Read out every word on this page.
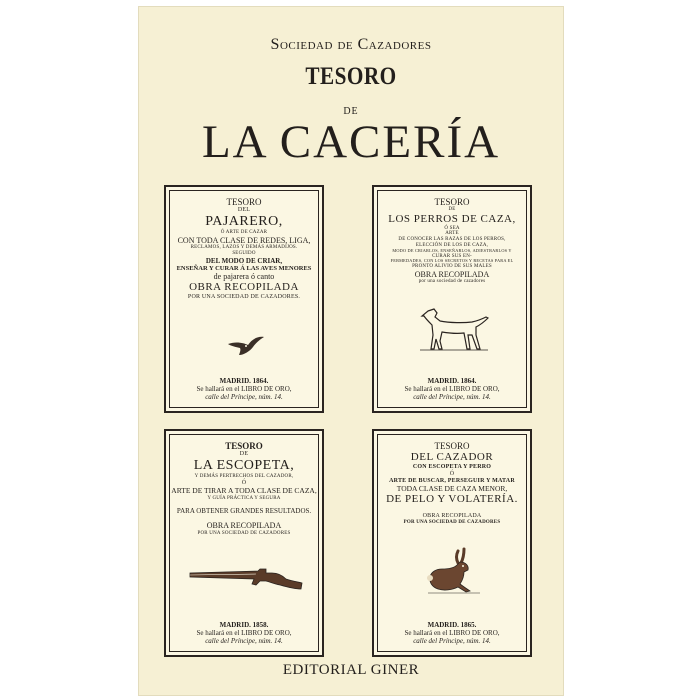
Sociedad de Cazadores
TESORO
DE
LA CACERÍA
TESORO
DEL
PAJARERO,
Ó ARTE DE CAZAR
CON TODA CLASE DE REDES, LIGA,
RECLAMOS, LAZOS Y DEMÁS ARMADIJOS.
SEGUIDO
DEL MODO DE CRIAR,
ENSEÑAR Y CURAR Á LAS AVES MENORES
de pajarera ó canto
OBRA RECOPILADA
POR UNA SOCIEDAD DE CAZADORES.
MADRID. 1864.
Se hallará en el LIBRO DE ORO,
calle del Príncipe, núm. 14.
TESORO
DE
LOS PERROS DE CAZA,
Ó SEA
ARTE
DE CONOCER LAS RAZAS DE LOS PERROS,
ELECCIÓN DE LOS DE CAZA,
MODO DE CRIARLOS, ENSEÑARLOS, ADIESTRARLOS Y
CURAR SUS EN-
FERMEDADES, CON LOS SECRETOS Y RECETAS PARA EL
PRONTO ALIVIO DE SUS MALES
OBRA RECOPILADA
por una sociedad de cazadores
MADRID. 1864.
Se hallará en el LIBRO DE ORO,
calle del Príncipe, núm. 14.
TESORO
DE
LA ESCOPETA,
Y DEMÁS PERTRECHOS DEL CAZADOR,
Ó
ARTE DE TIRAR A TODA CLASE DE CAZA,
Y GUÍA PRÁCTICA Y SEGURA
PARA OBTENER GRANDES RESULTADOS.
OBRA RECOPILADA
POR UNA SOCIEDAD DE CAZADORES
MADRID. 1858.
Se hallará en el LIBRO DE ORO,
calle del Príncipe, núm. 14.
TESORO
DEL CAZADOR
CON ESCOPETA Y PERRO
Ó
ARTE DE BUSCAR, PERSEGUIR Y MATAR
TODA CLASE DE CAZA MENOR,
DE PELO Y VOLATERÍA.
OBRA RECOPILADA
POR UNA SOCIEDAD DE CAZADORES
MADRID. 1865.
Se hallará en el LIBRO DE ORO,
calle del Príncipe, núm. 14.
EDITORIAL GINER
